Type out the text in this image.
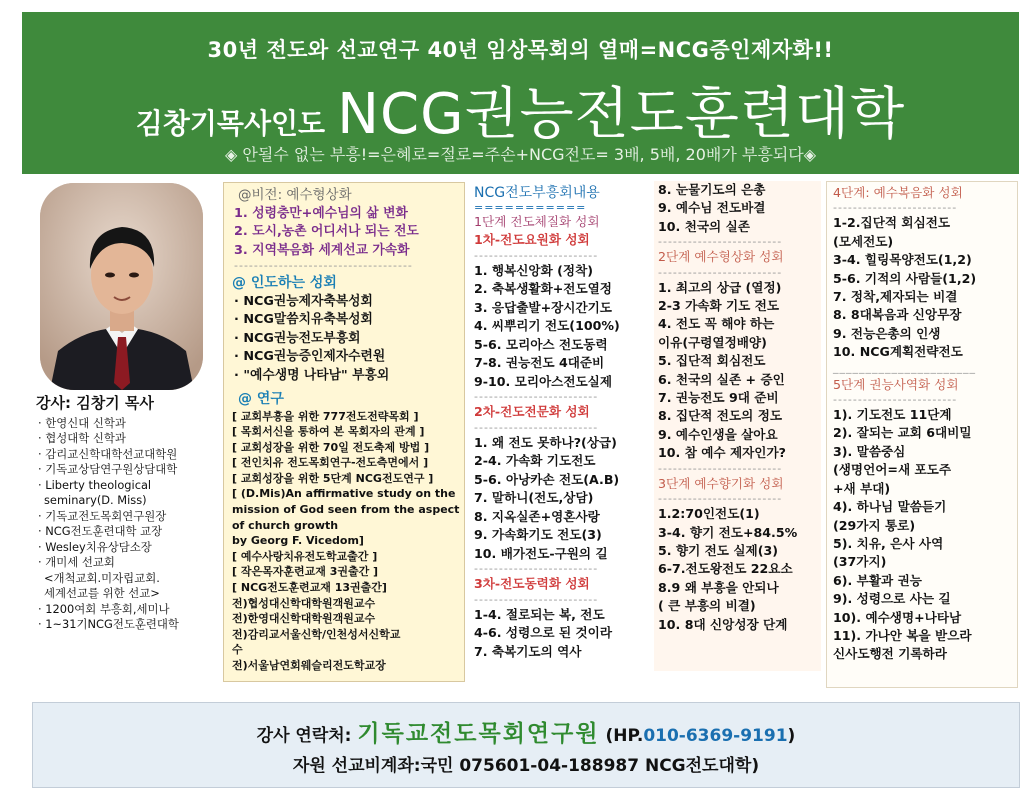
30년 전도와 선교연구 40년 임상목회의 열매=NCG증인제자화!!
김창기목사인도 NCG권능전도훈련대학
◈ 안될수 없는 부흥!=은혜로=절로=주손+NCG전도= 3배, 5배, 20배가 부흥되다◈
강사: 김창기 목사
· 한영신대 신학과
· 협성대학 신학과
· 감리교신학대학선교대학원
· 기독교상담연구원상담대학
· Liberty theological
seminary(D. Miss)
· 기독교전도목회연구원장
· NCG전도훈련대학 교장
· Wesley치유상담소장
· 개미세 선교회
<개척교회.미자립교회.
세계선교를 위한 선교>
· 1200여회 부흥회,세미나
· 1~31기NCG전도훈련대학
@비전: 예수형상화
1. 성령충만+예수님의 삶 변화
2. 도시,농촌 어디서나 되는 전도
3. 지역복음화 세계선교 가속화
------------------------------------
@ 인도하는 성회
· NCG권능제자축복성회
· NCG말씀치유축복성회
· NCG권능전도부흥회
· NCG권능증인제자수련원
· "예수생명 나타남" 부흥외
@ 연구
[ 교회부흥을 위한 777전도전략목회 ]
[ 목회서신을 통하여 본 목회자의 관계 ]
[ 교회성장을 위한 70일 전도축제 방법 ]
[ 전인치유 전도목회연구-전도측면에서 ]
[ 교회성장을 위한 5단계 NCG전도연구 ]
[ (D.Mis)An affirmative study on the
mission of God seen from the aspect
of church growth
by Georg F. Vicedom]
[ 예수사랑치유전도학교출간 ]
[ 작은목자훈련교재 3권출간 ]
[ NCG전도훈련교재 13권출간]
전)협성대신학대학원객원교수
전)한영대신학대학원객원교수
전)감리교서울신학/인천성서신학교
수
전)서울남연회웨슬리전도학교장
NCG전도부흥회내용
===========
1단계 전도체질화 성회
1차-전도요원화 성회
-------------------------
1. 행복신앙화 (정착)
2. 축복생활화+전도열정
3. 응답출발+장시간기도
4. 씨뿌리기 전도(100%)
5-6. 모리아스 전도동력
7-8. 권능전도 4대준비
9-10. 모리아스전도실제
-------------------------
2차-전도전문화 성회
-------------------------
1. 왜 전도 못하나?(상급)
2-4. 가속화 기도전도
5-6. 아낭카손 전도(A.B)
7. 말하니(전도,상담)
8. 지옥실존+영혼사랑
9. 가속화기도 전도(3)
10. 배가전도-구원의 길
-------------------------
3차-전도동력화 성회
-------------------------
1-4. 절로되는 복, 전도
4-6. 성령으로 된 것이라
7. 축복기도의 역사
8. 눈물기도의 은총
9. 예수님 전도바결
10. 천국의 실존
-------------------------
2단계 예수형상화 성회
-------------------------
1. 최고의 상급 (열정)
2-3 가속화 기도 전도
4. 전도 꼭 해야 하는
이유(구령열정배양)
5. 집단적 회심전도
6. 천국의 실존 + 증인
7. 권능전도 9대 준비
8. 집단적 전도의 정도
9. 예수인생을 살아요
10. 참 예수 제자인가?
-------------------------
3단계 예수향기화 성회
-------------------------
1.2:70인전도(1)
3-4. 향기 전도+84.5%
5. 향기 전도 실제(3)
6-7.전도왕전도 22요소
8.9 왜 부흥을 안되나
( 큰 부흥의 비결)
10. 8대 신앙성장 단계
4단계: 예수복음화 성회
-------------------------
1-2.집단적 회심전도
(모세전도)
3-4. 힐링목양전도(1,2)
5-6. 기적의 사람들(1,2)
7. 정착,제자되는 비결
8. 8대복음과 신앙무장
9. 전능은총의 인생
10. NCG계획전략전도
______________________
5단계 권능사역화 성회
-------------------------
1). 기도전도 11단계
2). 잘되는 교회 6대비밀
3). 말씀중심
(생명언어=새 포도주
+새 부대)
4). 하나님 말씀듣기
(29가지 통로)
5). 치유, 은사 사역
(37가지)
6). 부활과 권능
9). 성령으로 사는 길
10). 예수생명+나타남
11). 가나안 복을 받으라
신사도행전 기록하라
강사 연락처: 기독교전도목회연구원 (HP.010-6369-9191)
자원 선교비계좌:국민 075601-04-188987 NCG전도대학)
